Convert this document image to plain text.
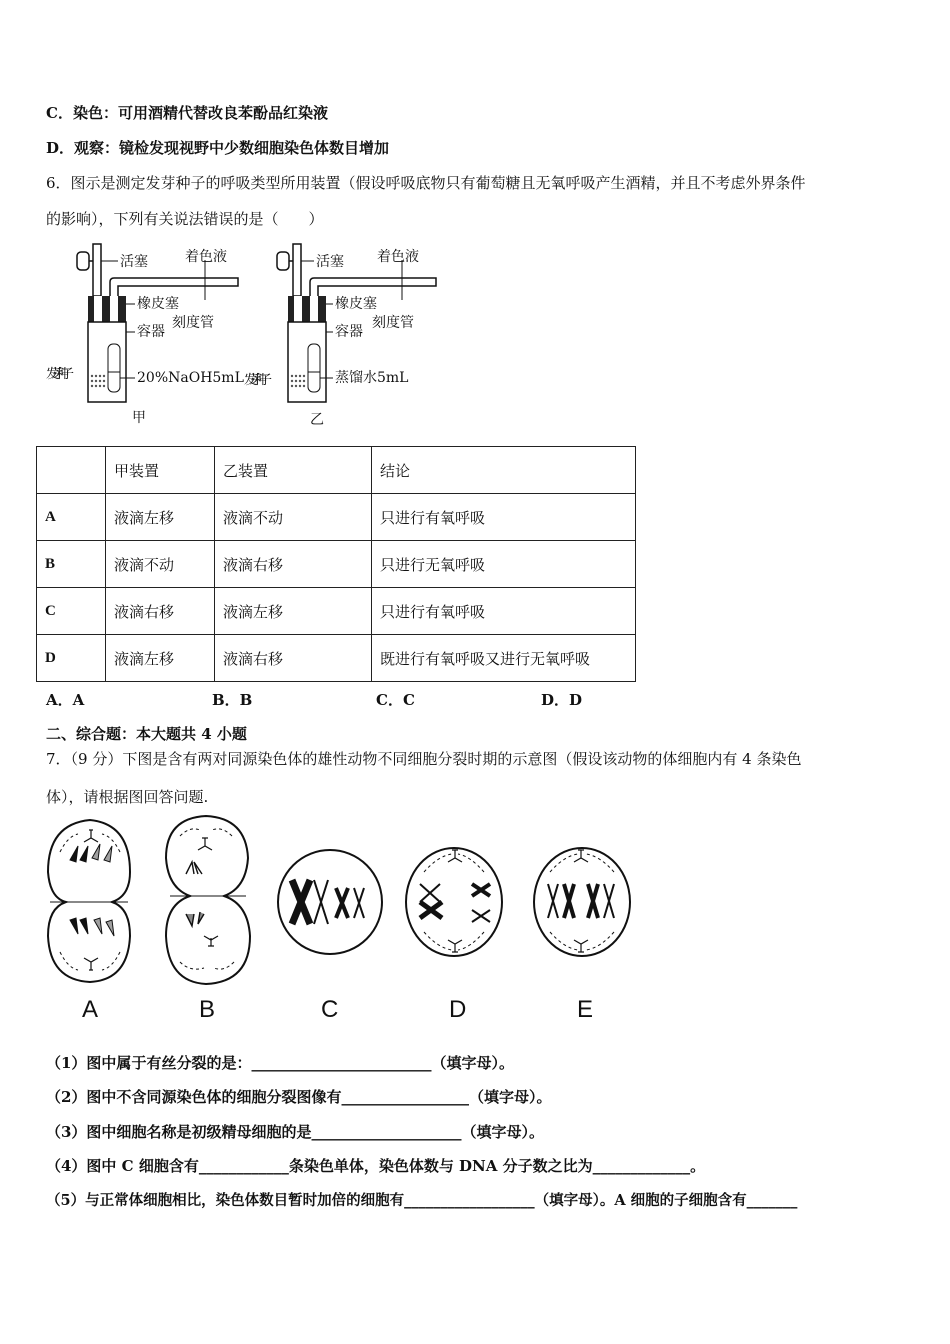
C．染色：可用酒精代替改良苯酚品红染液
D．观察：镜检发现视野中少数细胞染色体数目增加
6．图示是测定发芽种子的呼吸类型所用装置（假设呼吸底物只有葡萄糖且无氧呼吸产生酒精，并且不考虑外界条件
的影响），下列有关说法错误的是（　　）
活塞	着色液
橡皮塞
刻度管
容器
20%NaOH5mL
发芽种子
甲
活塞 着色液
橡皮塞
刻度管
容器
蒸馏水5mL
发芽种子
乙
	甲装置	乙装置	结论
A	液滴左移	液滴不动	只进行有氧呼吸
B	液滴不动	液滴右移	只进行无氧呼吸
C	液滴右移	液滴左移	只进行有氧呼吸
D	液滴左移	液滴右移	既进行有氧呼吸又进行无氧呼吸
A．A	B．B	C．C	D．D
二、综合题：本大题共 4 小题
7．（9 分）下图是含有两对同源染色体的雄性动物不同细胞分裂时期的示意图（假设该动物的体细胞内有 4 条染色
体），请根据图回答问题.
A	B	C	D	E
（1）图中属于有丝分裂的是：________________________（填字母）。
（2）图中不含同源染色体的细胞分裂图像有_________________（填字母）。
（3）图中细胞名称是初级精母细胞的是____________________（填字母）。
（4）图中 C 细胞含有____________条染色单体，染色体数与 DNA 分子数之比为_____________。
（5）与正常体细胞相比，染色体数目暂时加倍的细胞有__________________（填字母）。A 细胞的子细胞含有_______
